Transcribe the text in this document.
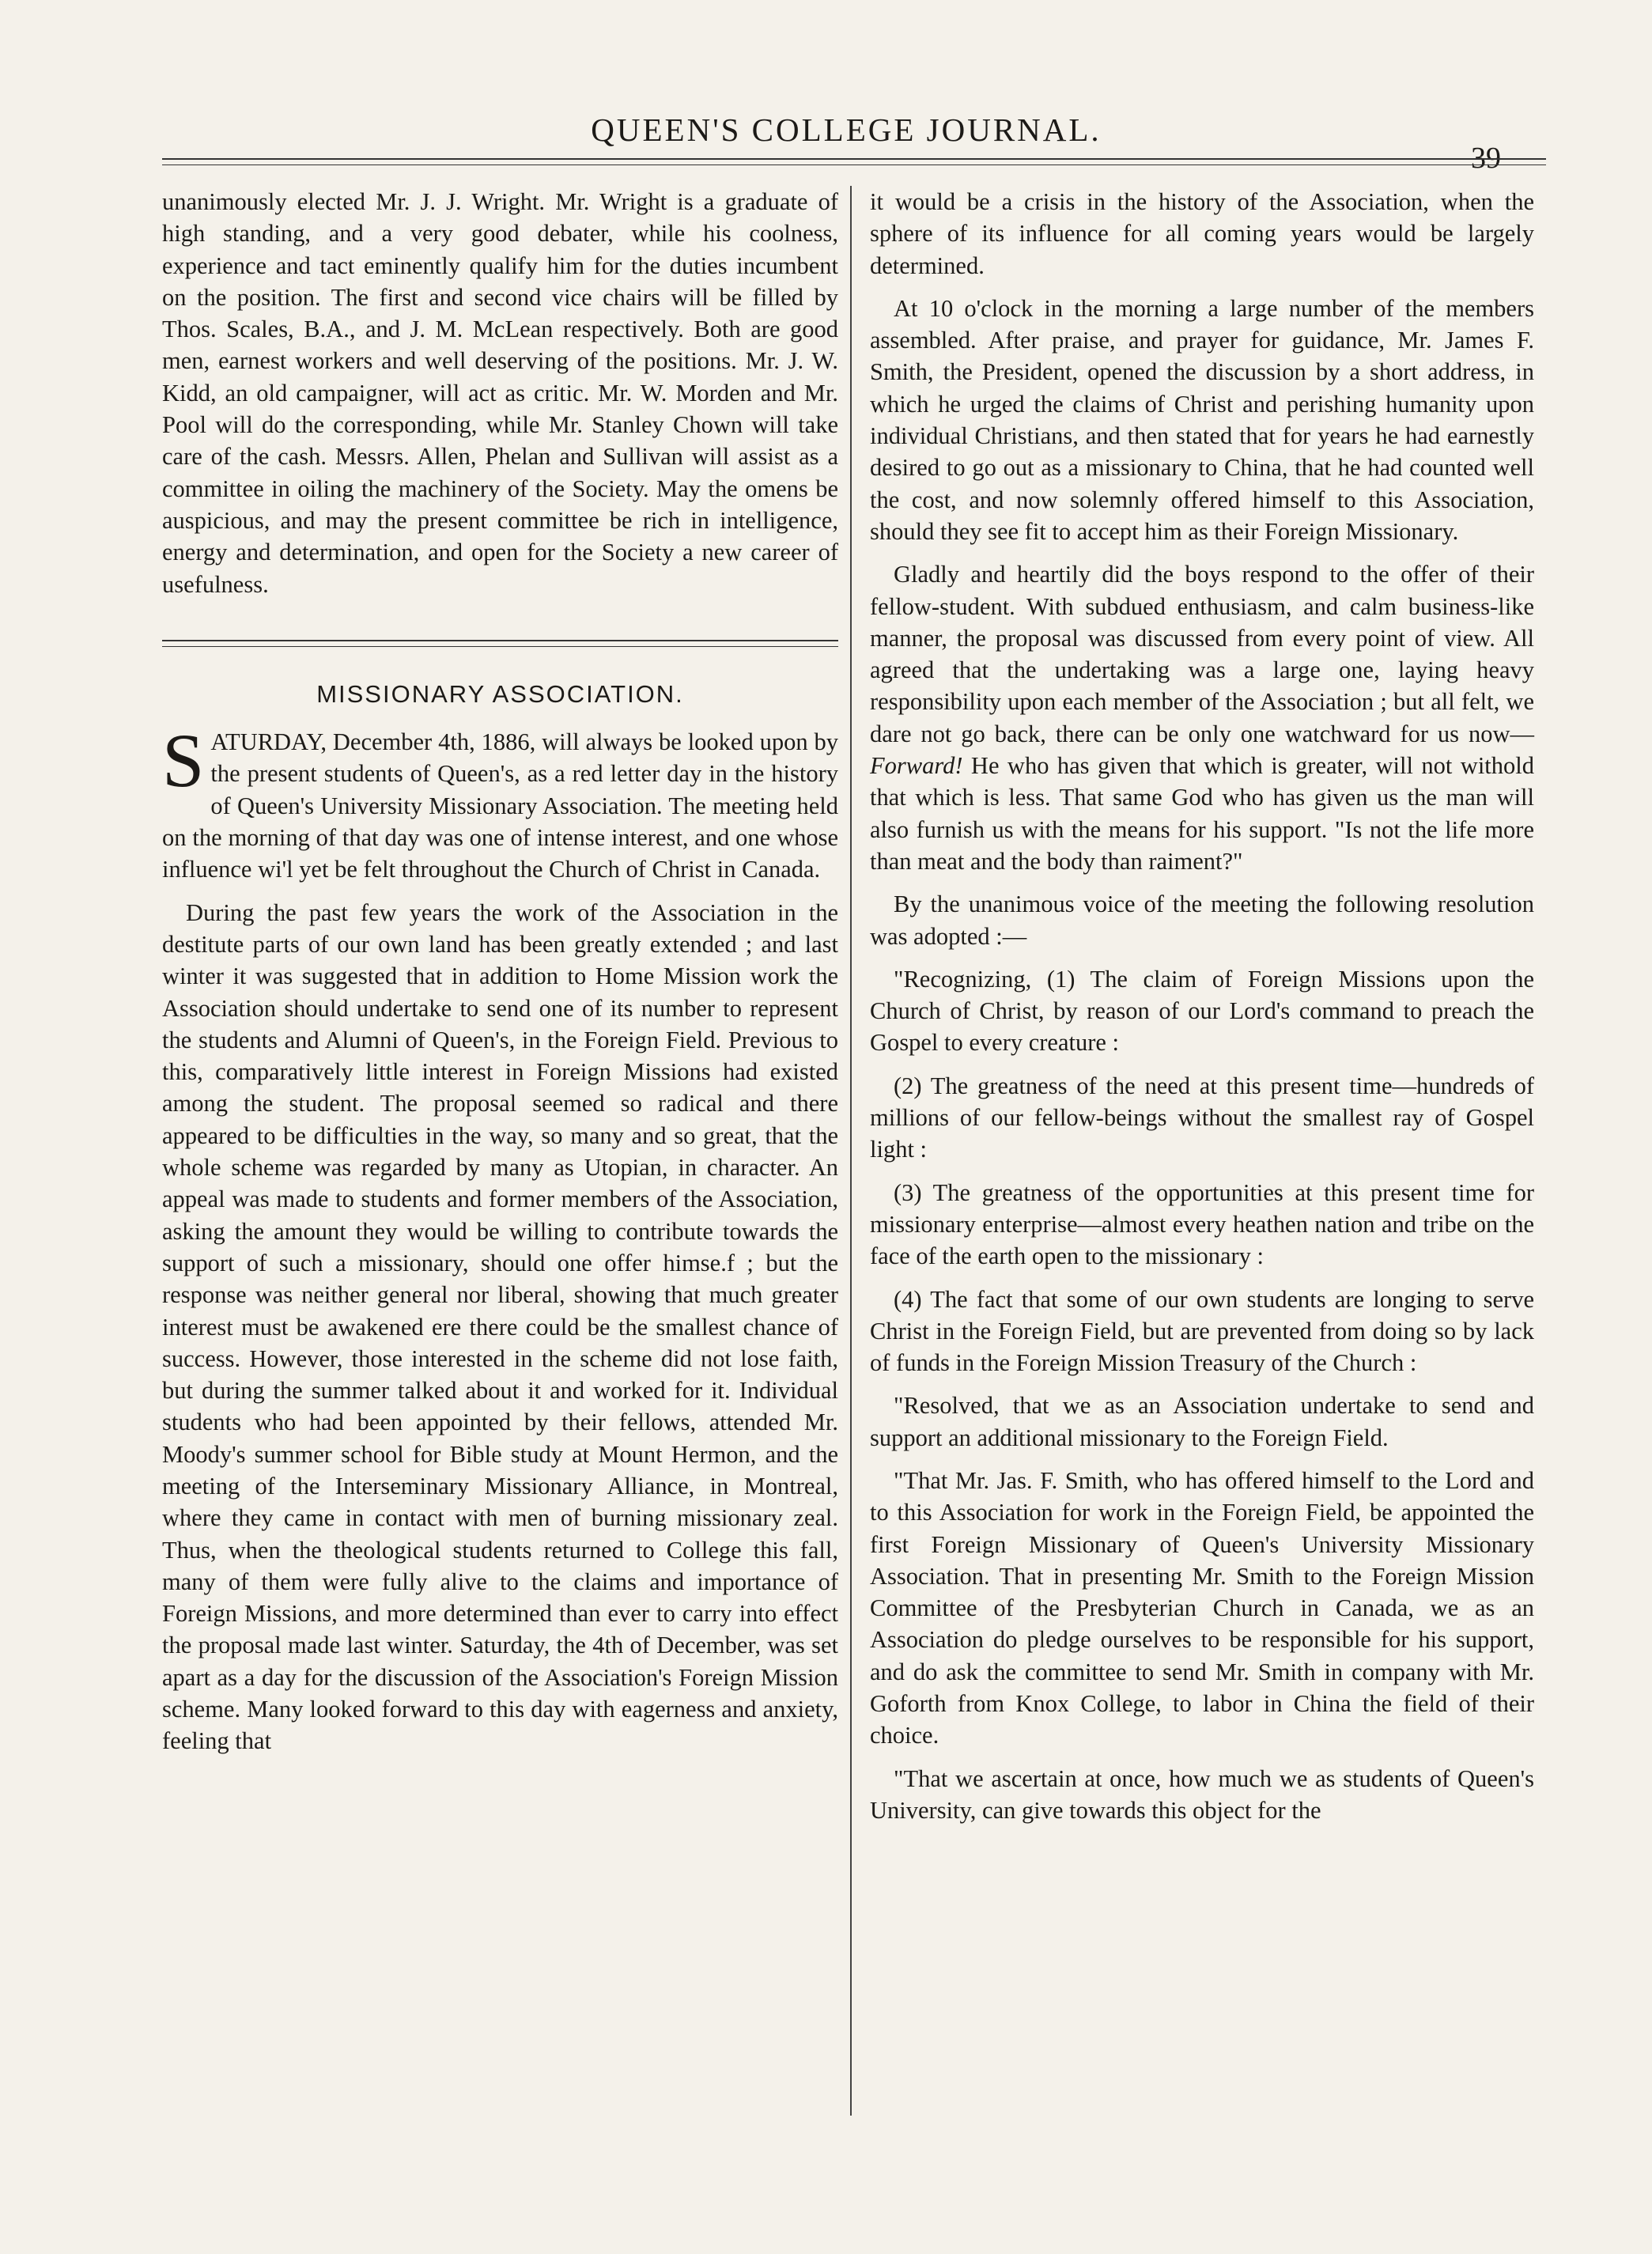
QUEEN'S COLLEGE JOURNAL.
39

unanimously elected Mr. J. J. Wright. Mr. Wright is a graduate of high standing, and a very good debater, while his coolness, experience and tact eminently qualify him for the duties incumbent on the position. The first and second vice chairs will be filled by Thos. Scales, B.A., and J. M. McLean respectively. Both are good men, earnest workers and well deserving of the positions. Mr. J. W. Kidd, an old campaigner, will act as critic. Mr. W. Morden and Mr. Pool will do the corresponding, while Mr. Stanley Chown will take care of the cash. Messrs. Allen, Phelan and Sullivan will assist as a committee in oiling the machinery of the Society. May the omens be auspicious, and may the present committee be rich in intelligence, energy and determination, and open for the Society a new career of usefulness.

MISSIONARY ASSOCIATION.

SATURDAY, December 4th, 1886, will always be looked upon by the present students of Queen's, as a red letter day in the history of Queen's University Missionary Association. The meeting held on the morning of that day was one of intense interest, and one whose influence wi'l yet be felt throughout the Church of Christ in Canada.

During the past few years the work of the Association in the destitute parts of our own land has been greatly extended ; and last winter it was suggested that in addition to Home Mission work the Association should undertake to send one of its number to represent the students and Alumni of Queen's, in the Foreign Field. Previous to this, comparatively little interest in Foreign Missions had existed among the student. The proposal seemed so radical and there appeared to be difficulties in the way, so many and so great, that the whole scheme was regarded by many as Utopian, in character. An appeal was made to students and former members of the Association, asking the amount they would be willing to contribute towards the support of such a missionary, should one offer himse.f ; but the response was neither general nor liberal, showing that much greater interest must be awakened ere there could be the smallest chance of success. However, those interested in the scheme did not lose faith, but during the summer talked about it and worked for it. Individual students who had been appointed by their fellows, attended Mr. Moody's summer school for Bible study at Mount Hermon, and the meeting of the Interseminary Missionary Alliance, in Montreal, where they came in contact with men of burning missionary zeal. Thus, when the theological students returned to College this fall, many of them were fully alive to the claims and importance of Foreign Missions, and more determined than ever to carry into effect the proposal made last winter. Saturday, the 4th of December, was set apart as a day for the discussion of the Association's Foreign Mission scheme. Many looked forward to this day with eagerness and anxiety, feeling that

it would be a crisis in the history of the Association, when the sphere of its influence for all coming years would be largely determined.

At 10 o'clock in the morning a large number of the members assembled. After praise, and prayer for guidance, Mr. James F. Smith, the President, opened the discussion by a short address, in which he urged the claims of Christ and perishing humanity upon individual Christians, and then stated that for years he had earnestly desired to go out as a missionary to China, that he had counted well the cost, and now solemnly offered himself to this Association, should they see fit to accept him as their Foreign Missionary.

Gladly and heartily did the boys respond to the offer of their fellow-student. With subdued enthusiasm, and calm business-like manner, the proposal was discussed from every point of view. All agreed that the undertaking was a large one, laying heavy responsibility upon each member of the Association ; but all felt, we dare not go back, there can be only one watchward for us now—Forward! He who has given that which is greater, will not withold that which is less. That same God who has given us the man will also furnish us with the means for his support. "Is not the life more than meat and the body than raiment?"

By the unanimous voice of the meeting the following resolution was adopted :—

"Recognizing, (1) The claim of Foreign Missions upon the Church of Christ, by reason of our Lord's command to preach the Gospel to every creature :

(2) The greatness of the need at this present time—hundreds of millions of our fellow-beings without the smallest ray of Gospel light :

(3) The greatness of the opportunities at this present time for missionary enterprise—almost every heathen nation and tribe on the face of the earth open to the missionary :

(4) The fact that some of our own students are longing to serve Christ in the Foreign Field, but are prevented from doing so by lack of funds in the Foreign Mission Treasury of the Church :

"Resolved, that we as an Association undertake to send and support an additional missionary to the Foreign Field.

"That Mr. Jas. F. Smith, who has offered himself to the Lord and to this Association for work in the Foreign Field, be appointed the first Foreign Missionary of Queen's University Missionary Association. That in presenting Mr. Smith to the Foreign Mission Committee of the Presbyterian Church in Canada, we as an Association do pledge ourselves to be responsible for his support, and do ask the committee to send Mr. Smith in company with Mr. Goforth from Knox College, to labor in China the field of their choice.

"That we ascertain at once, how much we as students of Queen's University, can give towards this object for the
